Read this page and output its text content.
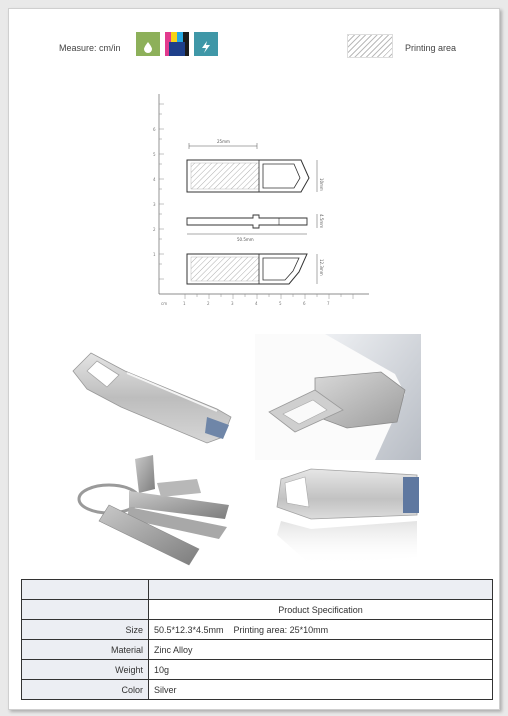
Measure: cm/in	Printing area
6
5
4
3
2
1
1	2	3	4	5	6	7
cm
25mm
10mm
50.5mm
4.5mm
12.3mm

	Product Specification
Size	50.5*12.3*4.5mm    Printing area: 25*10mm
Material	Zinc Alloy
Weight	10g
Color	Silver
